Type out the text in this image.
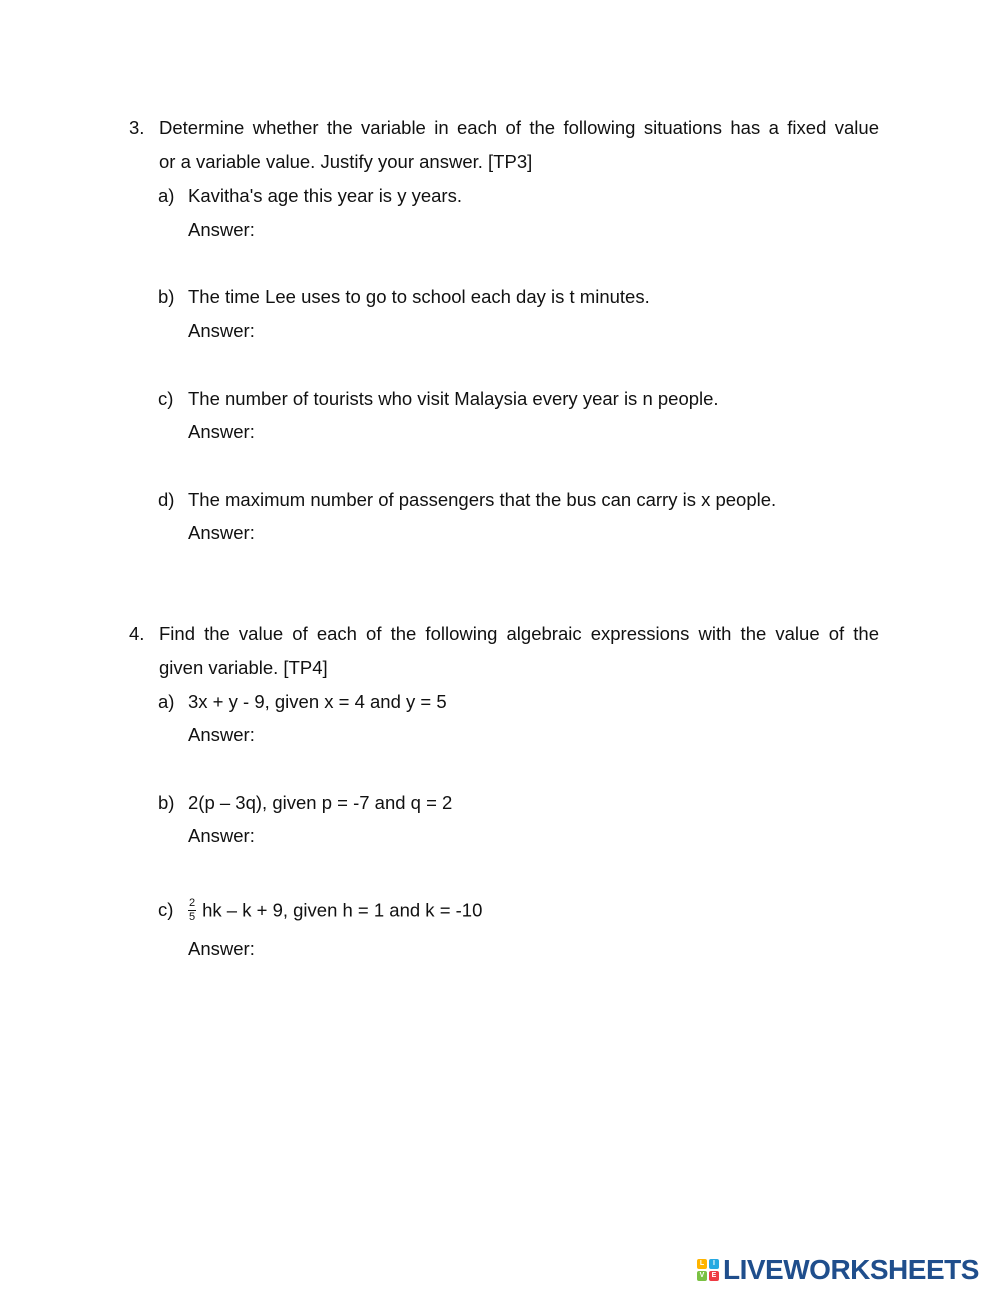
3. Determine whether the variable in each of the following situations has a fixed value
or a variable value. Justify your answer. [TP3]
a) Kavitha's age this year is y years.
Answer:
b) The time Lee uses to go to school each day is t minutes.
Answer:
c) The number of tourists who visit Malaysia every year is n people.
Answer:
d) The maximum number of passengers that the bus can carry is x people.
Answer:
4. Find the value of each of the following algebraic expressions with the value of the
given variable. [TP4]
a) 3x + y - 9, given x = 4 and y = 5
Answer:
b) 2(p – 3q), given p = -7 and q = 2
Answer:
$c) \frac{2}{5}$ hk – k + 9, given h = 1 and k = -10
Answer:
L	I
V	E LIVEWORKSHEETS
